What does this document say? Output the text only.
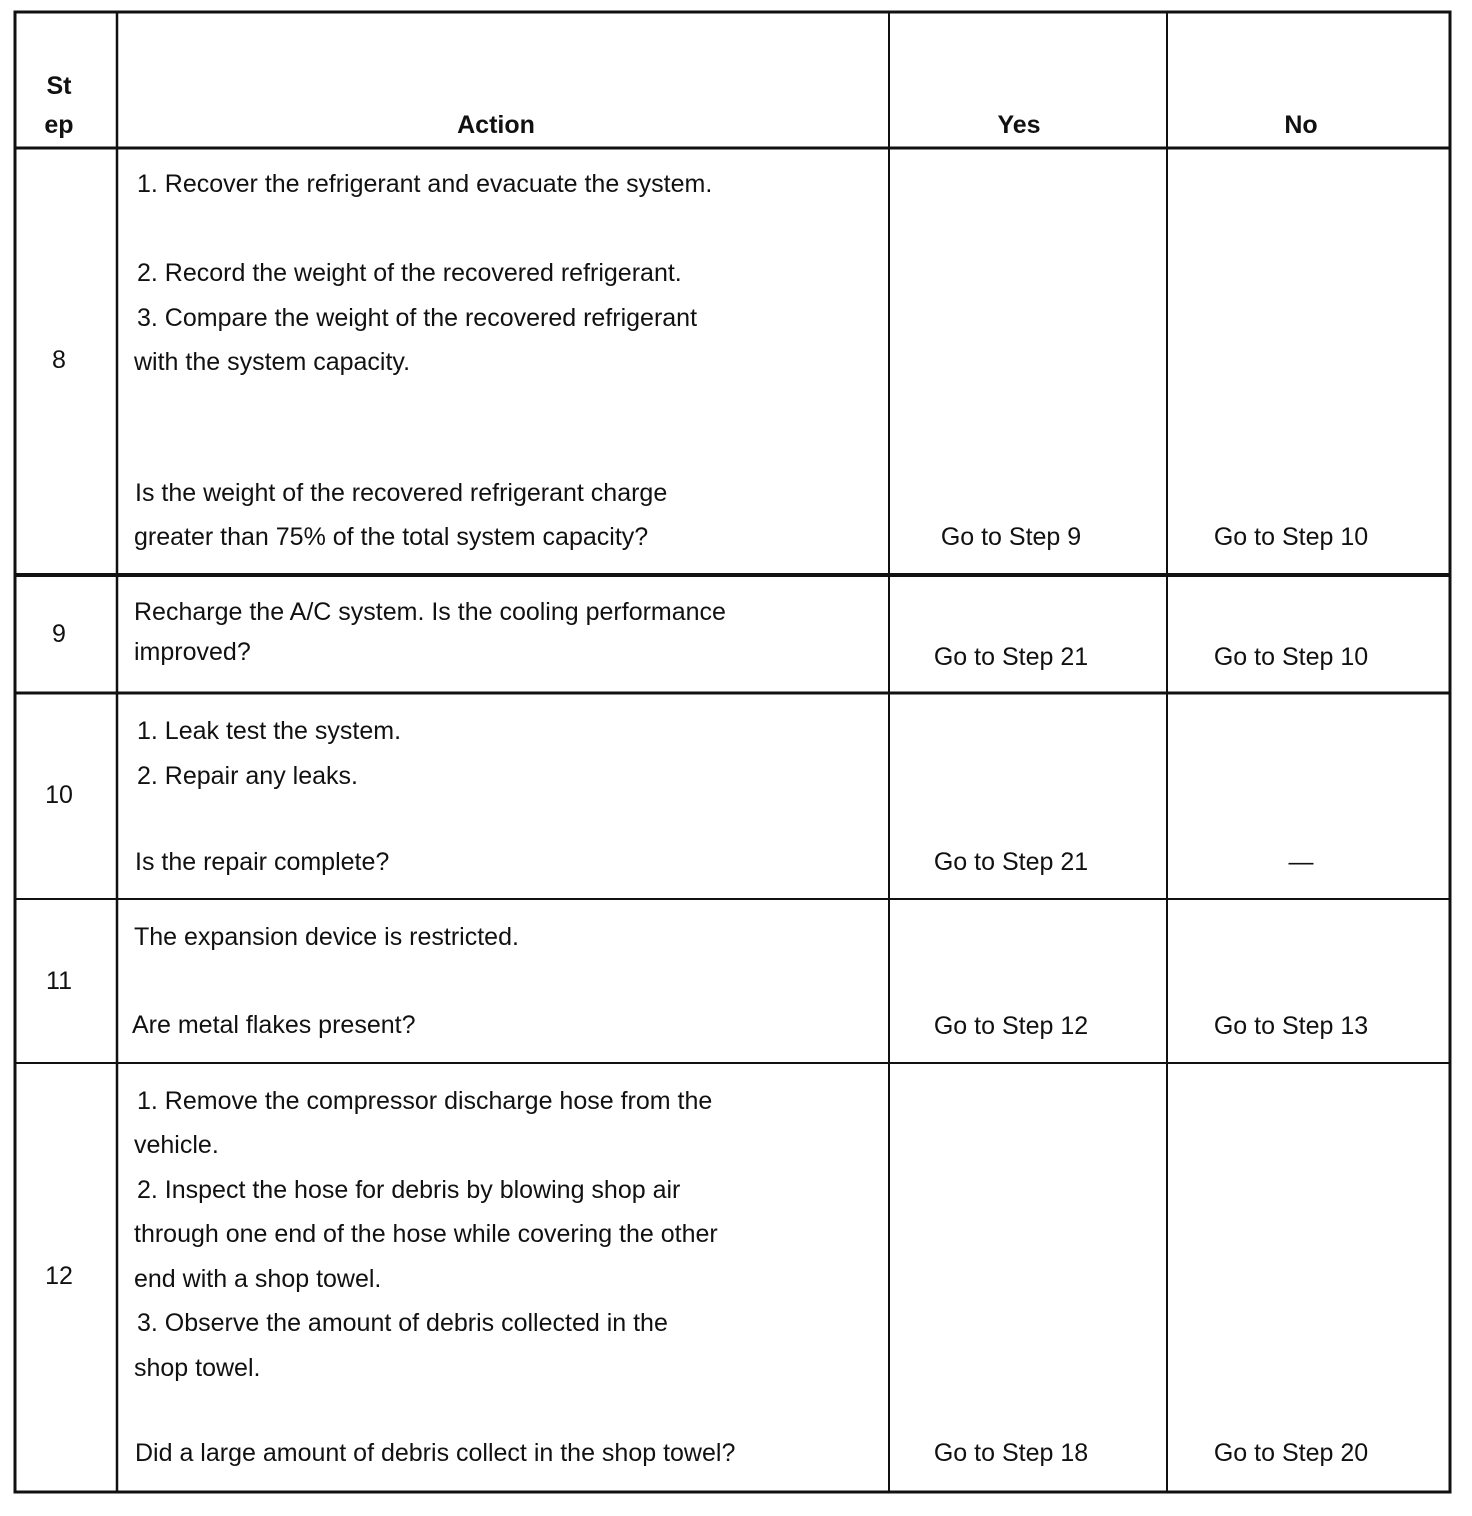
St
ep	Action	Yes	No
8
1. Recover the refrigerant and evacuate the system.
2. Record the weight of the recovered refrigerant.
3. Compare the weight of the recovered refrigerant
with the system capacity.
Is the weight of the recovered refrigerant charge
greater than 75% of the total system capacity?	Go to Step 9	Go to Step 10
9
Recharge the A/C system. Is the cooling performance
improved?	Go to Step 21	Go to Step 10
10
1. Leak test the system.
2. Repair any leaks.
Is the repair complete?	Go to Step 21	—
11
The expansion device is restricted.
Are metal flakes present?	Go to Step 12	Go to Step 13
12
1. Remove the compressor discharge hose from the
vehicle.
2. Inspect the hose for debris by blowing shop air
through one end of the hose while covering the other
end with a shop towel.
3. Observe the amount of debris collected in the
shop towel.
Did a large amount of debris collect in the shop towel?	Go to Step 18	Go to Step 20
